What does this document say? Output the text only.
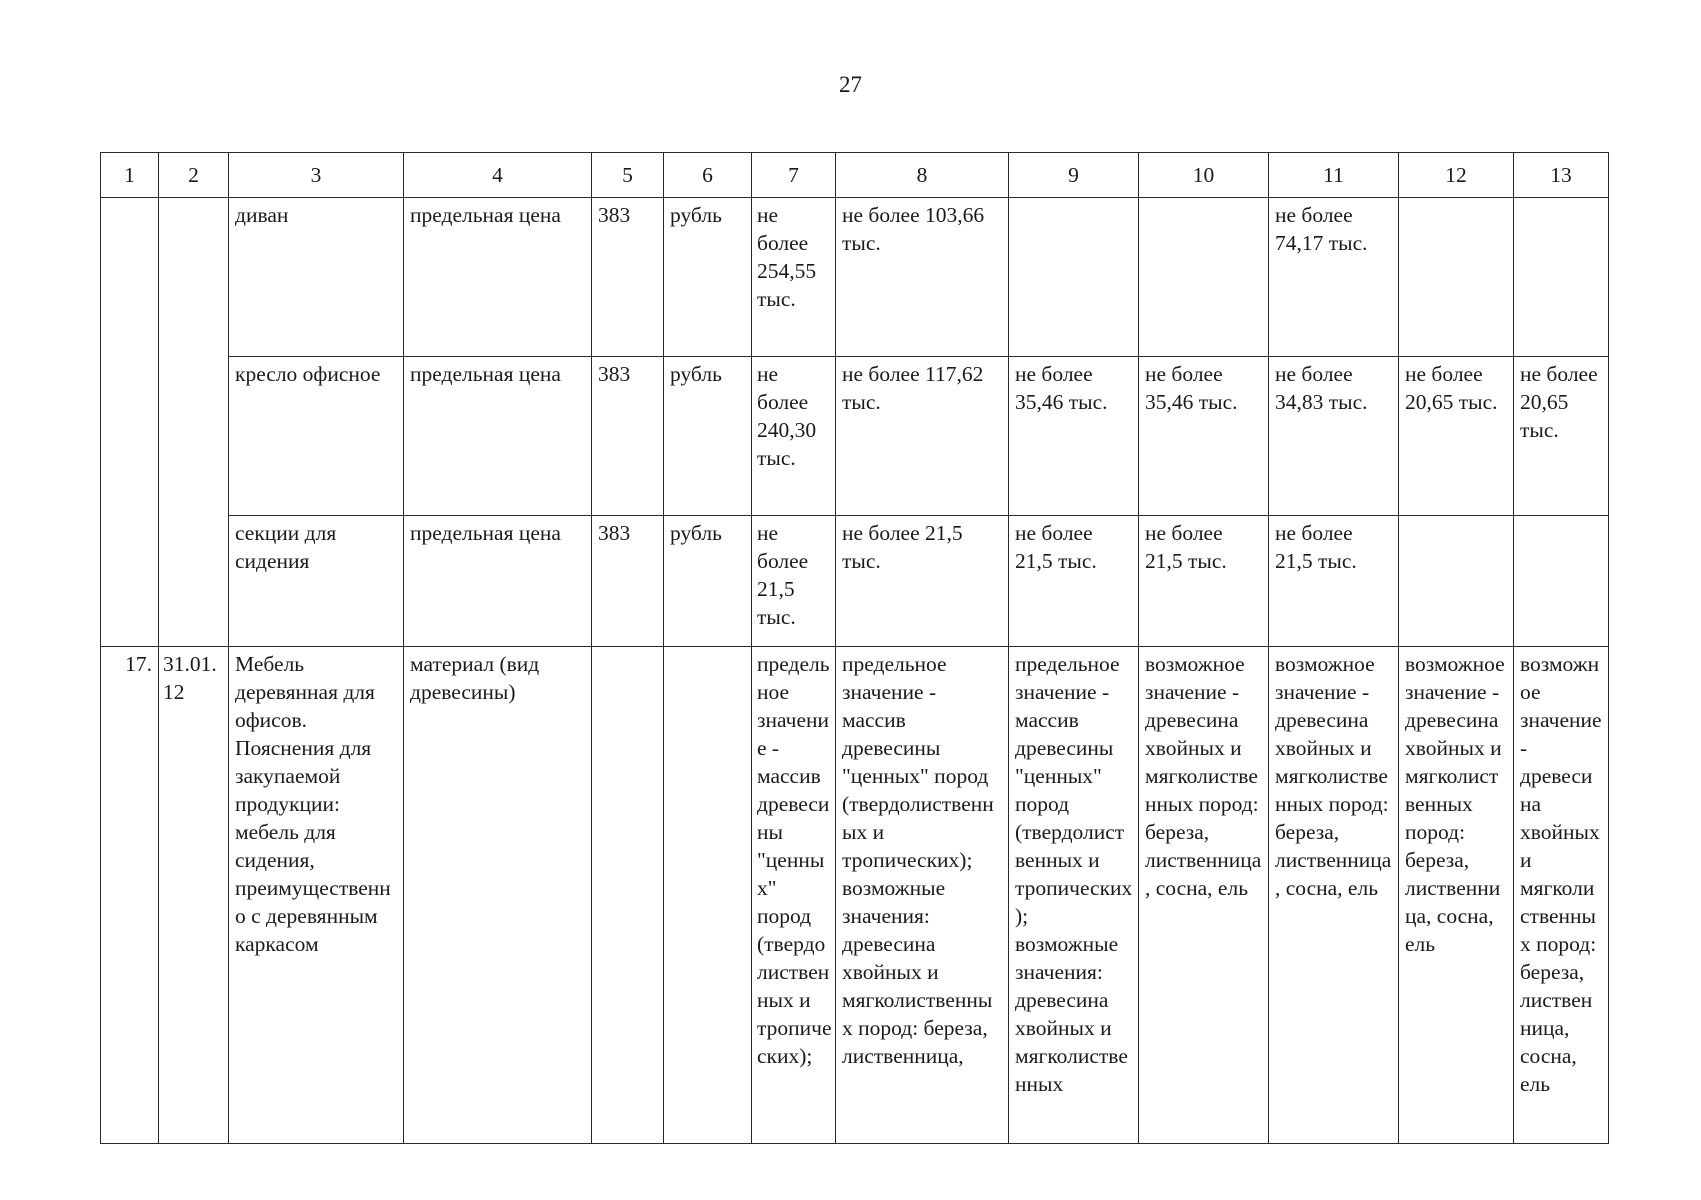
27
1	2	3	4	5	6	7	8	9	10	11	12	13
		диван	предельная цена	383	рубль	не более 254,55 тыс.	не более 103,66 тыс.			не более 74,17 тыс.		
		кресло офисное	предельная цена	383	рубль	не более 240,30 тыс.	не более 117,62 тыс.	не более 35,46 тыс.	не более 35,46 тыс.	не более 34,83 тыс.	не более 20,65 тыс.	не более 20,65 тыс.
		секции для сидения	предельная цена	383	рубль	не более 21,5 тыс.	не более 21,5 тыс.	не более 21,5 тыс.	не более 21,5 тыс.	не более 21,5 тыс.		
17.	31.01.12	Мебель деревянная для офисов. Пояснения для закупаемой продукции: мебель для сидения, преимущественно с деревянным каркасом	материал (вид древесины)			предельное значение - массив древесины "ценных" пород (твердолиственных и тропических);	предельное значение - массив древесины "ценных" пород (твердолиственных и тропических); возможные значения: древесина хвойных и мягколиственных пород: береза, лиственница,	предельное значение - массив древесины "ценных" пород (твердолиственных и тропических); возможные значения: древесина хвойных и мягколиственных	возможное значение - древесина хвойных и мягколиственных пород: береза, лиственница, сосна, ель	возможное значение - древесина хвойных и мягколиственных пород: береза, лиственница, сосна, ель	возможное значение - древесина хвойных и мягколиственных пород: береза, лиственница, сосна, ель	возможное значение - древесина хвойных и мягколиственных пород: береза, лиственница, сосна, ель
